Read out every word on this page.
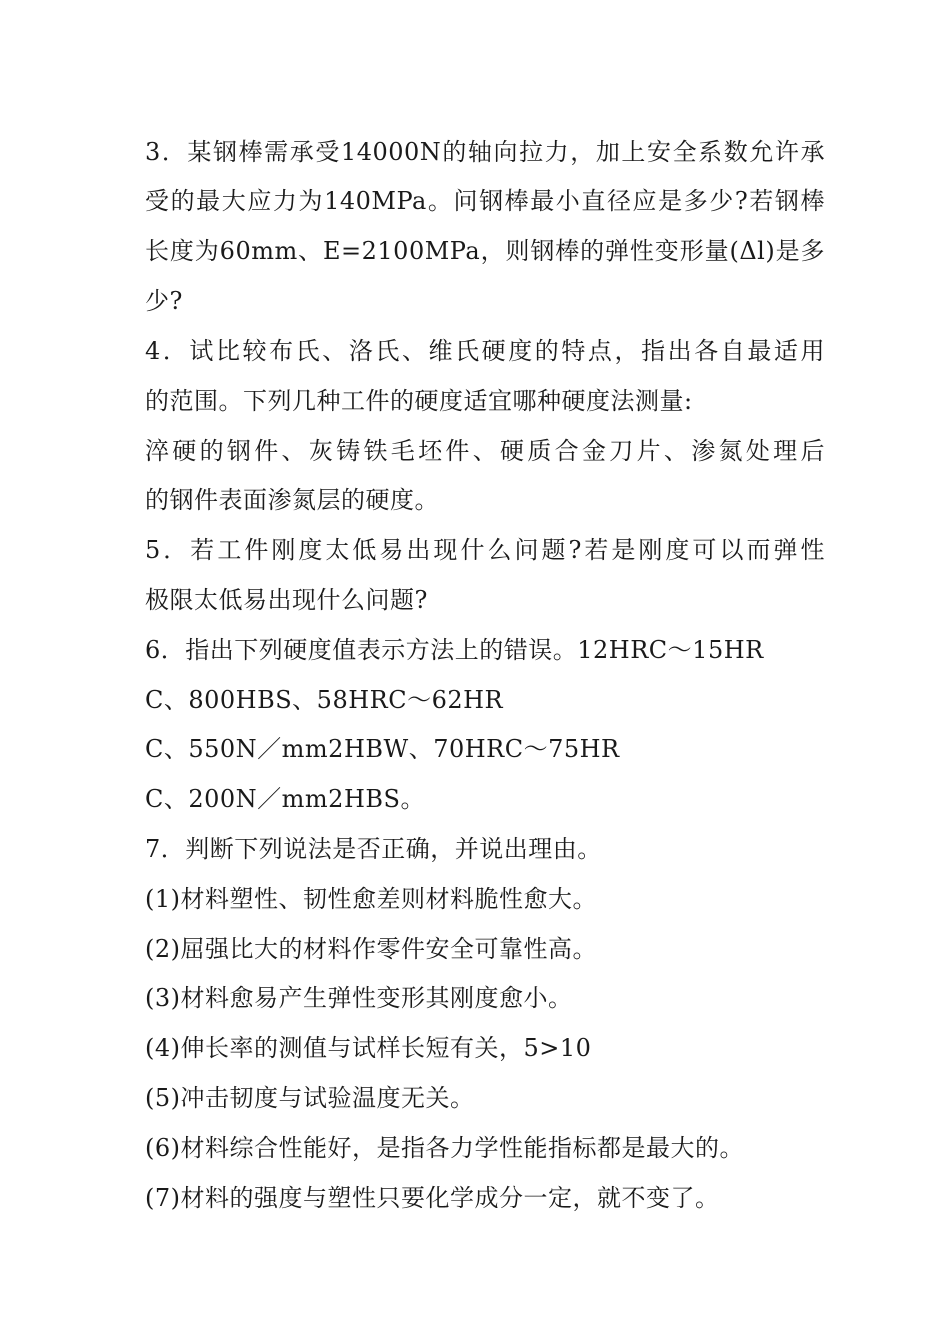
3．某钢棒需承受14000N的轴向拉力，加上安全系数允许承
受的最大应力为140MPa。问钢棒最小直径应是多少?若钢棒
长度为60mm、E=2100MPa，则钢棒的弹性变形量(Δl)是多
少?
4．试比较布氏、洛氏、维氏硬度的特点，指出各自最适用
的范围。下列几种工件的硬度适宜哪种硬度法测量:
淬硬的钢件、灰铸铁毛坯件、硬质合金刀片、渗氮处理后
的钢件表面渗氮层的硬度。
5．若工件刚度太低易出现什么问题?若是刚度可以而弹性
极限太低易出现什么问题?
6．指出下列硬度值表示方法上的错误。12HRC～15HR
C、800HBS、58HRC～62HR
C、550N／mm2HBW、70HRC～75HR
C、200N／mm2HBS。
7．判断下列说法是否正确，并说出理由。
(1)材料塑性、韧性愈差则材料脆性愈大。
(2)屈强比大的材料作零件安全可靠性高。
(3)材料愈易产生弹性变形其刚度愈小。
(4)伸长率的测值与试样长短有关，5>10
(5)冲击韧度与试验温度无关。
(6)材料综合性能好，是指各力学性能指标都是最大的。
(7)材料的强度与塑性只要化学成分一定，就不变了。
